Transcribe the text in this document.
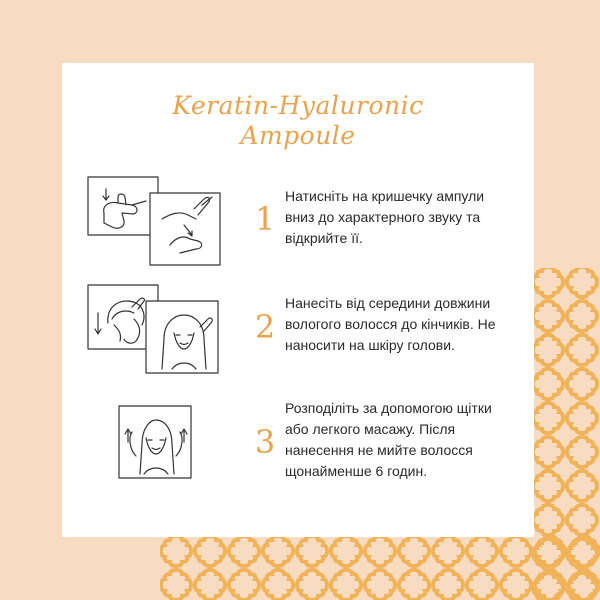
Keratin-Hyaluronic
Ampoule
1
Натисніть на кришечку ампули
вниз до характерного звуку та
відкрийте її.
2
Нанесіть від середини довжини
вологого волосся до кінчиків. Не
наносити на шкіру голови.
3
Розподіліть за допомогою щітки
або легкого масажу. Після
нанесення не мийте волосся
щонайменше 6 годин.
